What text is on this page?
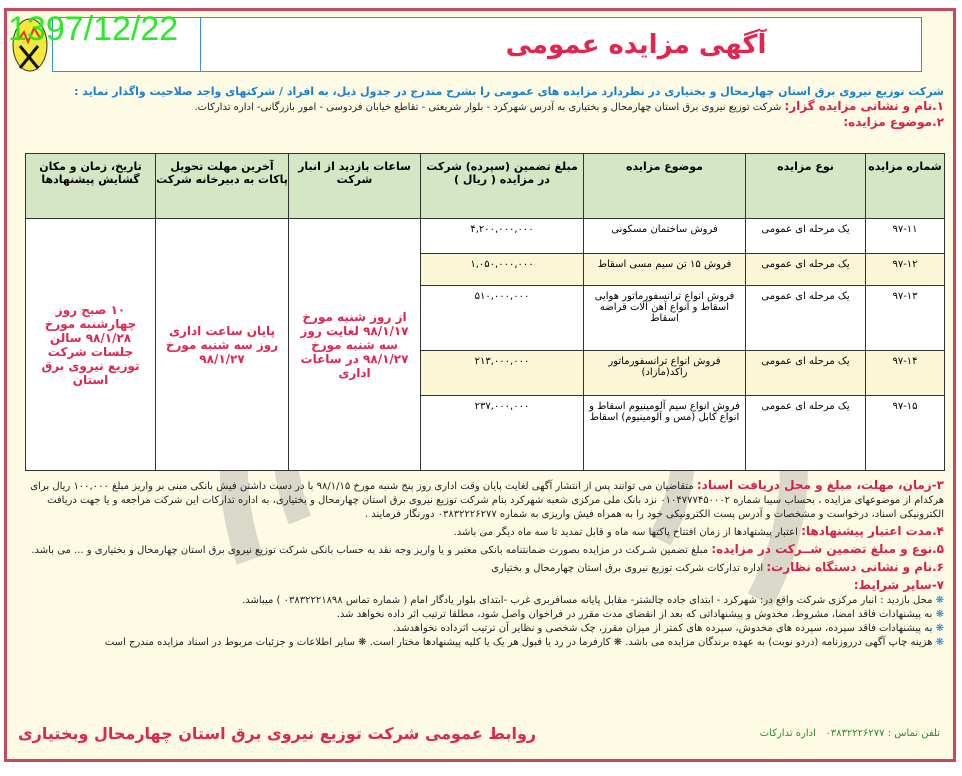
1397/12/22	آگهی مزایده عمومی
شرکت توزیع نیروی برق استان چهارمحال و بختیاری در نظردارد مزایده های عمومی را بشرح مندرج در جدول ذیل، به افراد / شرکتهای واجد صلاحیت واگذار نماید :
۱.نام و نشانی مزایده گزار: شرکت توزیع نیروی برق استان چهارمحال و بختیاری به آدرس شهرکرد - بلوار شریعتی - تقاطع خیابان فردوسی - امور بازرگانی- اداره تدارکات.
۲.موضوع مزایده:
شماره مزایده	نوع مزایده	موضوع مزایده	مبلغ تضمین (سپرده) شرکت در مزایده ( ریال )	ساعات بازدید از انبار شرکت	آخرین مهلت تحویل پاکات به دبیرخانه شرکت	تاریخ، زمان و مکان گشایش پیشنهادها
۹۷-۱۱	یک مرحله ای عمومی	فروش ساختمان مسکونی	۴,۲۰۰,۰۰۰,۰۰۰	از روز شنبه مورخ ۹۸/۱/۱۷ لغایت روز سه شنبه مورخ ۹۸/۱/۲۷ در ساعات اداری	پایان ساعت اداری روز سه شنبه مورخ ۹۸/۱/۲۷	۱۰ صبح روز چهارشنبه مورخ ۹۸/۱/۲۸ سالن جلسات شرکت توزیع نیروی برق استان
۹۷-۱۲	یک مرحله ای عمومی	فروش ۱۵ تن سیم مسی اسقاط	۱,۰۵۰,۰۰۰,۰۰۰			
۹۷-۱۳	یک مرحله ای عمومی	فروش انواع ترانسفورماتور هوایی اسقاط و انواع آهن آلات قراضه اسقاط	۵۱۰,۰۰۰,۰۰۰			
۹۷-۱۴	یک مرحله ای عمومی	فروش انواع ترانسفورماتور راکد(مازاد)	۲۱۳,۰۰۰,۰۰۰			
۹۷-۱۵	یک مرحله ای عمومی	فروش انواع سیم آلومینیوم اسقاط و انواع کابل (مس و آلومینیوم) اسقاط	۲۳۷,۰۰۰,۰۰۰			
۳-زمان، مهلت، مبلغ و محل دریافت اسناد: متقاضیان می توانند پس از انتشار آگهی لغایت پایان وقت اداری روز پنج شنبه مورخ ۹۸/۱/۱۵ با در دست داشتن فیش بانکی مبنی بر واریز مبلغ ۱۰۰,۰۰۰ ریال برای هرکدام از موضوعهای مزایده ، بحساب سیبا شماره ۰۱۰۴۷۷۷۴۵۰۰۰۲ نزد بانک ملی مرکزی شعبه شهرکرد بنام شرکت توزیع نیروی برق استان چهارمحال و بختیاری، به اداره تدارکات این شرکت مراجعه و یا جهت دریافت الکترونیکی اسناد، درخواست و مشخصات و آدرس پست الکترونیکی خود را به همراه فیش واریزی به شماره ۰۳۸۳۲۲۲۶۲۷۷ دورنگار فرمایند .
۴.مدت اعتبار پیشنهادها: اعتبار پیشنهادها از زمان افتتاح پاکتها سه ماه و قابل تمدید تا سه ماه دیگر می باشد.
۵.نوع و مبلغ تضمین شــرکت در مزایده: مبلغ تضمین شـرکت در مزایده بصورت ضمانتنامه بانکی معتبر و یا واریز وجه نقد به حساب بانکی شرکت توزیع نیروی برق استان چهارمحال و بختیاری و ... می باشد.
۶.نام و نشانی دستگاه نظارت: اداره تدارکات شرکت توزیع نیروی برق استان چهارمحال و بختیاری
۷-سایر شرایط:
❋ محل بازدید : انبار مرکزی شرکت واقع در: شهرکرد - ابتدای جاده چالشتر- مقابل پایانه مسافربری غرب -ابتدای بلوار یادگار امام ( شماره تماس ۰۳۸۳۲۲۲۱۸۹۸ ) میباشد.
❋ به پیشنهادات فاقد امضا، مشروط، مخدوش و پیشنهاداتی که بعد از انقضای مدت مقرر در فراخوان واصل شود، مطلقا ترتیب اثر داده نخواهد شد.
❋ به پیشنهادات فاقد سپرده، سپرده های مخدوش، سپرده های کمتر از میزان مقرر، چک شخصی و نظایر آن ترتیب اثرداده نخواهدشد.
❋ هزینه چاپ آگهی درروزنامه (دردو نوبت) به عهده برندگان مزایده می باشد. ❋ کارفرما در رد یا قبول هر یک یا کلیه پیشنهادها مختار است. ❋ سایر اطلاعات و جزئیات مربوط در اسناد مزایده مندرج است
تلفن تماس : ۰۳۸۳۲۲۲۶۲۷۷   اداره تدارکات
روابط عمومی شرکت توزیع نیروی برق استان چهارمحال وبختیاری
